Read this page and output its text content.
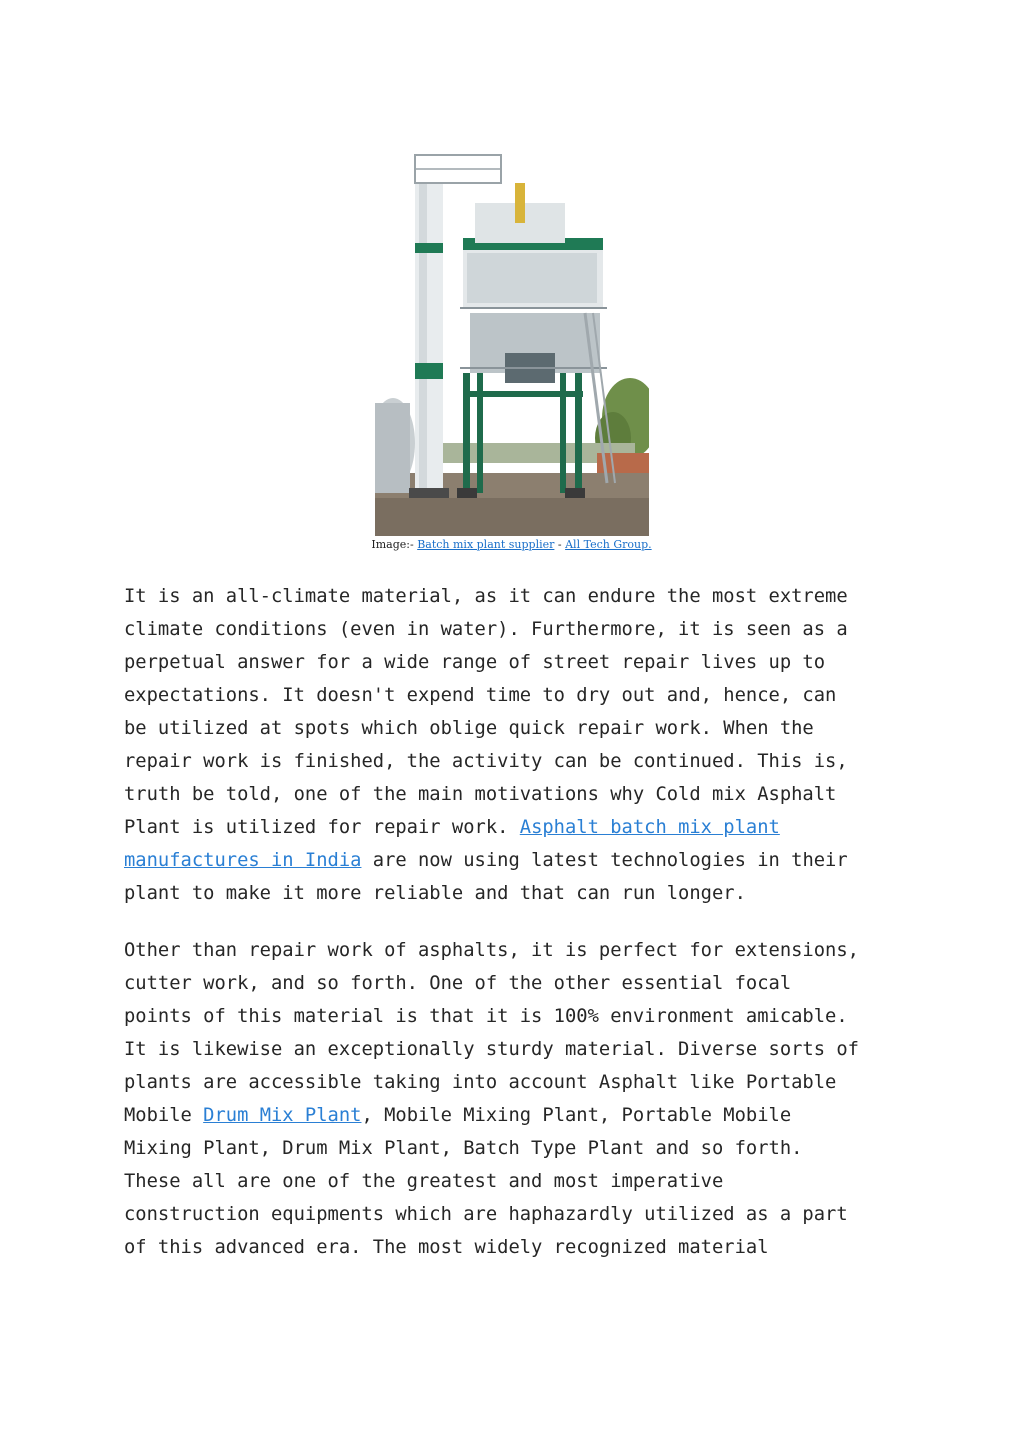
Image:- Batch mix plant supplier - All Tech Group.
It is an all-climate material, as it can endure the most extreme
climate conditions (even in water). Furthermore, it is seen as a
perpetual answer for a wide range of street repair lives up to
expectations. It doesn't expend time to dry out and, hence, can
be utilized at spots which oblige quick repair work. When the
repair work is finished, the activity can be continued. This is,
truth be told, one of the main motivations why Cold mix Asphalt
Plant is utilized for repair work. Asphalt batch mix plant
manufactures in India are now using latest technologies in their
plant to make it more reliable and that can run longer.
Other than repair work of asphalts, it is perfect for extensions,
cutter work, and so forth. One of the other essential focal
points of this material is that it is 100% environment amicable.
It is likewise an exceptionally sturdy material. Diverse sorts of
plants are accessible taking into account Asphalt like Portable
Mobile Drum Mix Plant, Mobile Mixing Plant, Portable Mobile
Mixing Plant, Drum Mix Plant, Batch Type Plant and so forth.
These all are one of the greatest and most imperative
construction equipments which are haphazardly utilized as a part
of this advanced era. The most widely recognized material
